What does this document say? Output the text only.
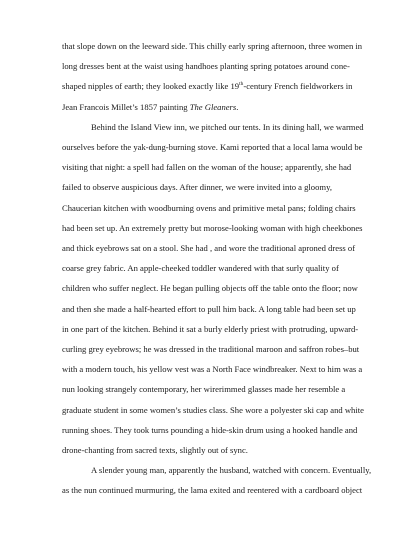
that slope down on the leeward side. This chilly early spring afternoon, three women in
long dresses bent at the waist using handhoes planting spring potatoes around cone-
shaped nipples of earth; they looked exactly like 19th-century French fieldworkers in
Jean Francois Millet’s 1857 painting The Gleaners.
Behind the Island View inn, we pitched our tents. In its dining hall, we warmed
ourselves before the yak-dung-burning stove. Kami reported that a local lama would be
visiting that night: a spell had fallen on the woman of the house; apparently, she had
failed to observe auspicious days. After dinner, we were invited into a gloomy,
Chaucerian kitchen with woodburning ovens and primitive metal pans; folding chairs
had been set up. An extremely pretty but morose-looking woman with high cheekbones
and thick eyebrows sat on a stool. She had , and wore the traditional aproned dress of
coarse grey fabric. An apple-cheeked toddler wandered with that surly quality of
children who suffer neglect. He began pulling objects off the table onto the floor; now
and then she made a half-hearted effort to pull him back. A long table had been set up
in one part of the kitchen. Behind it sat a burly elderly priest with protruding, upward-
curling grey eyebrows; he was dressed in the traditional maroon and saffron robes–but
with a modern touch, his yellow vest was a North Face windbreaker. Next to him was a
nun looking strangely contemporary, her wirerimmed glasses made her resemble a
graduate student in some women’s studies class. She wore a polyester ski cap and white
running shoes. They took turns pounding a hide-skin drum using a hooked handle and
drone-chanting from sacred texts, slightly out of sync.
A slender young man, apparently the husband, watched with concern. Eventually,
as the nun continued murmuring, the lama exited and reentered with a cardboard object
